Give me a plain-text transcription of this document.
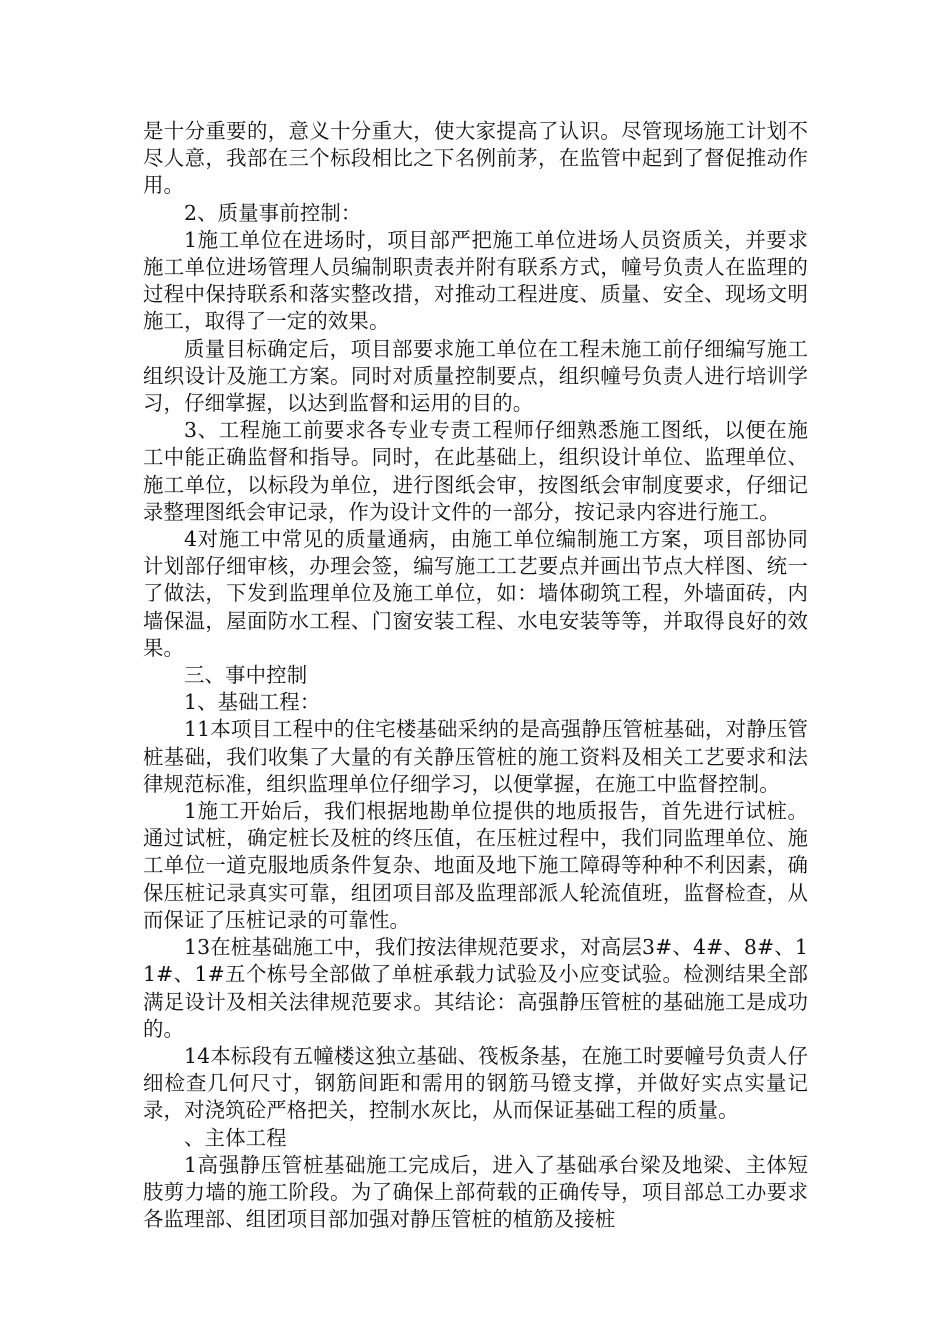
是十分重要的，意义十分重大，使大家提高了认识。尽管现场施工计划不尽人意，我部在三个标段相比之下名例前茅，在监管中起到了督促推动作用。

2、质量事前控制：

1施工单位在进场时，项目部严把施工单位进场人员资质关，并要求施工单位进场管理人员编制职责表并附有联系方式，幢号负责人在监理的过程中保持联系和落实整改措，对推动工程进度、质量、安全、现场文明施工，取得了一定的效果。

质量目标确定后，项目部要求施工单位在工程未施工前仔细编写施工组织设计及施工方案。同时对质量控制要点，组织幢号负责人进行培训学习，仔细掌握，以达到监督和运用的目的。

3、工程施工前要求各专业专责工程师仔细熟悉施工图纸，以便在施工中能正确监督和指导。同时，在此基础上，组织设计单位、监理单位、施工单位，以标段为单位，进行图纸会审，按图纸会审制度要求，仔细记录整理图纸会审记录，作为设计文件的一部分，按记录内容进行施工。

4对施工中常见的质量通病，由施工单位编制施工方案，项目部协同计划部仔细审核，办理会签，编写施工工艺要点并画出节点大样图、统一了做法，下发到监理单位及施工单位，如：墙体砌筑工程，外墙面砖，内墙保温，屋面防水工程、门窗安装工程、水电安装等等，并取得良好的效果。

三、事中控制

1、基础工程：

11本项目工程中的住宅楼基础采纳的是高强静压管桩基础，对静压管桩基础，我们收集了大量的有关静压管桩的施工资料及相关工艺要求和法律规范标准，组织监理单位仔细学习，以便掌握，在施工中监督控制。

1施工开始后，我们根据地勘单位提供的地质报告，首先进行试桩。通过试桩，确定桩长及桩的终压值，在压桩过程中，我们同监理单位、施工单位一道克服地质条件复杂、地面及地下施工障碍等种种不利因素，确保压桩记录真实可靠，组团项目部及监理部派人轮流值班，监督检查，从而保证了压桩记录的可靠性。

13在桩基础施工中，我们按法律规范要求，对高层3#、4#、8#、11#、1#五个栋号全部做了单桩承载力试验及小应变试验。检测结果全部满足设计及相关法律规范要求。其结论：高强静压管桩的基础施工是成功的。

14本标段有五幢楼这独立基础、筏板条基，在施工时要幢号负责人仔细检查几何尺寸，钢筋间距和需用的钢筋马镫支撑，并做好实点实量记录，对浇筑砼严格把关，控制水灰比，从而保证基础工程的质量。

、主体工程

1高强静压管桩基础施工完成后，进入了基础承台梁及地梁、主体短肢剪力墙的施工阶段。为了确保上部荷载的正确传导，项目部总工办要求各监理部、组团项目部加强对静压管桩的植筋及接桩
